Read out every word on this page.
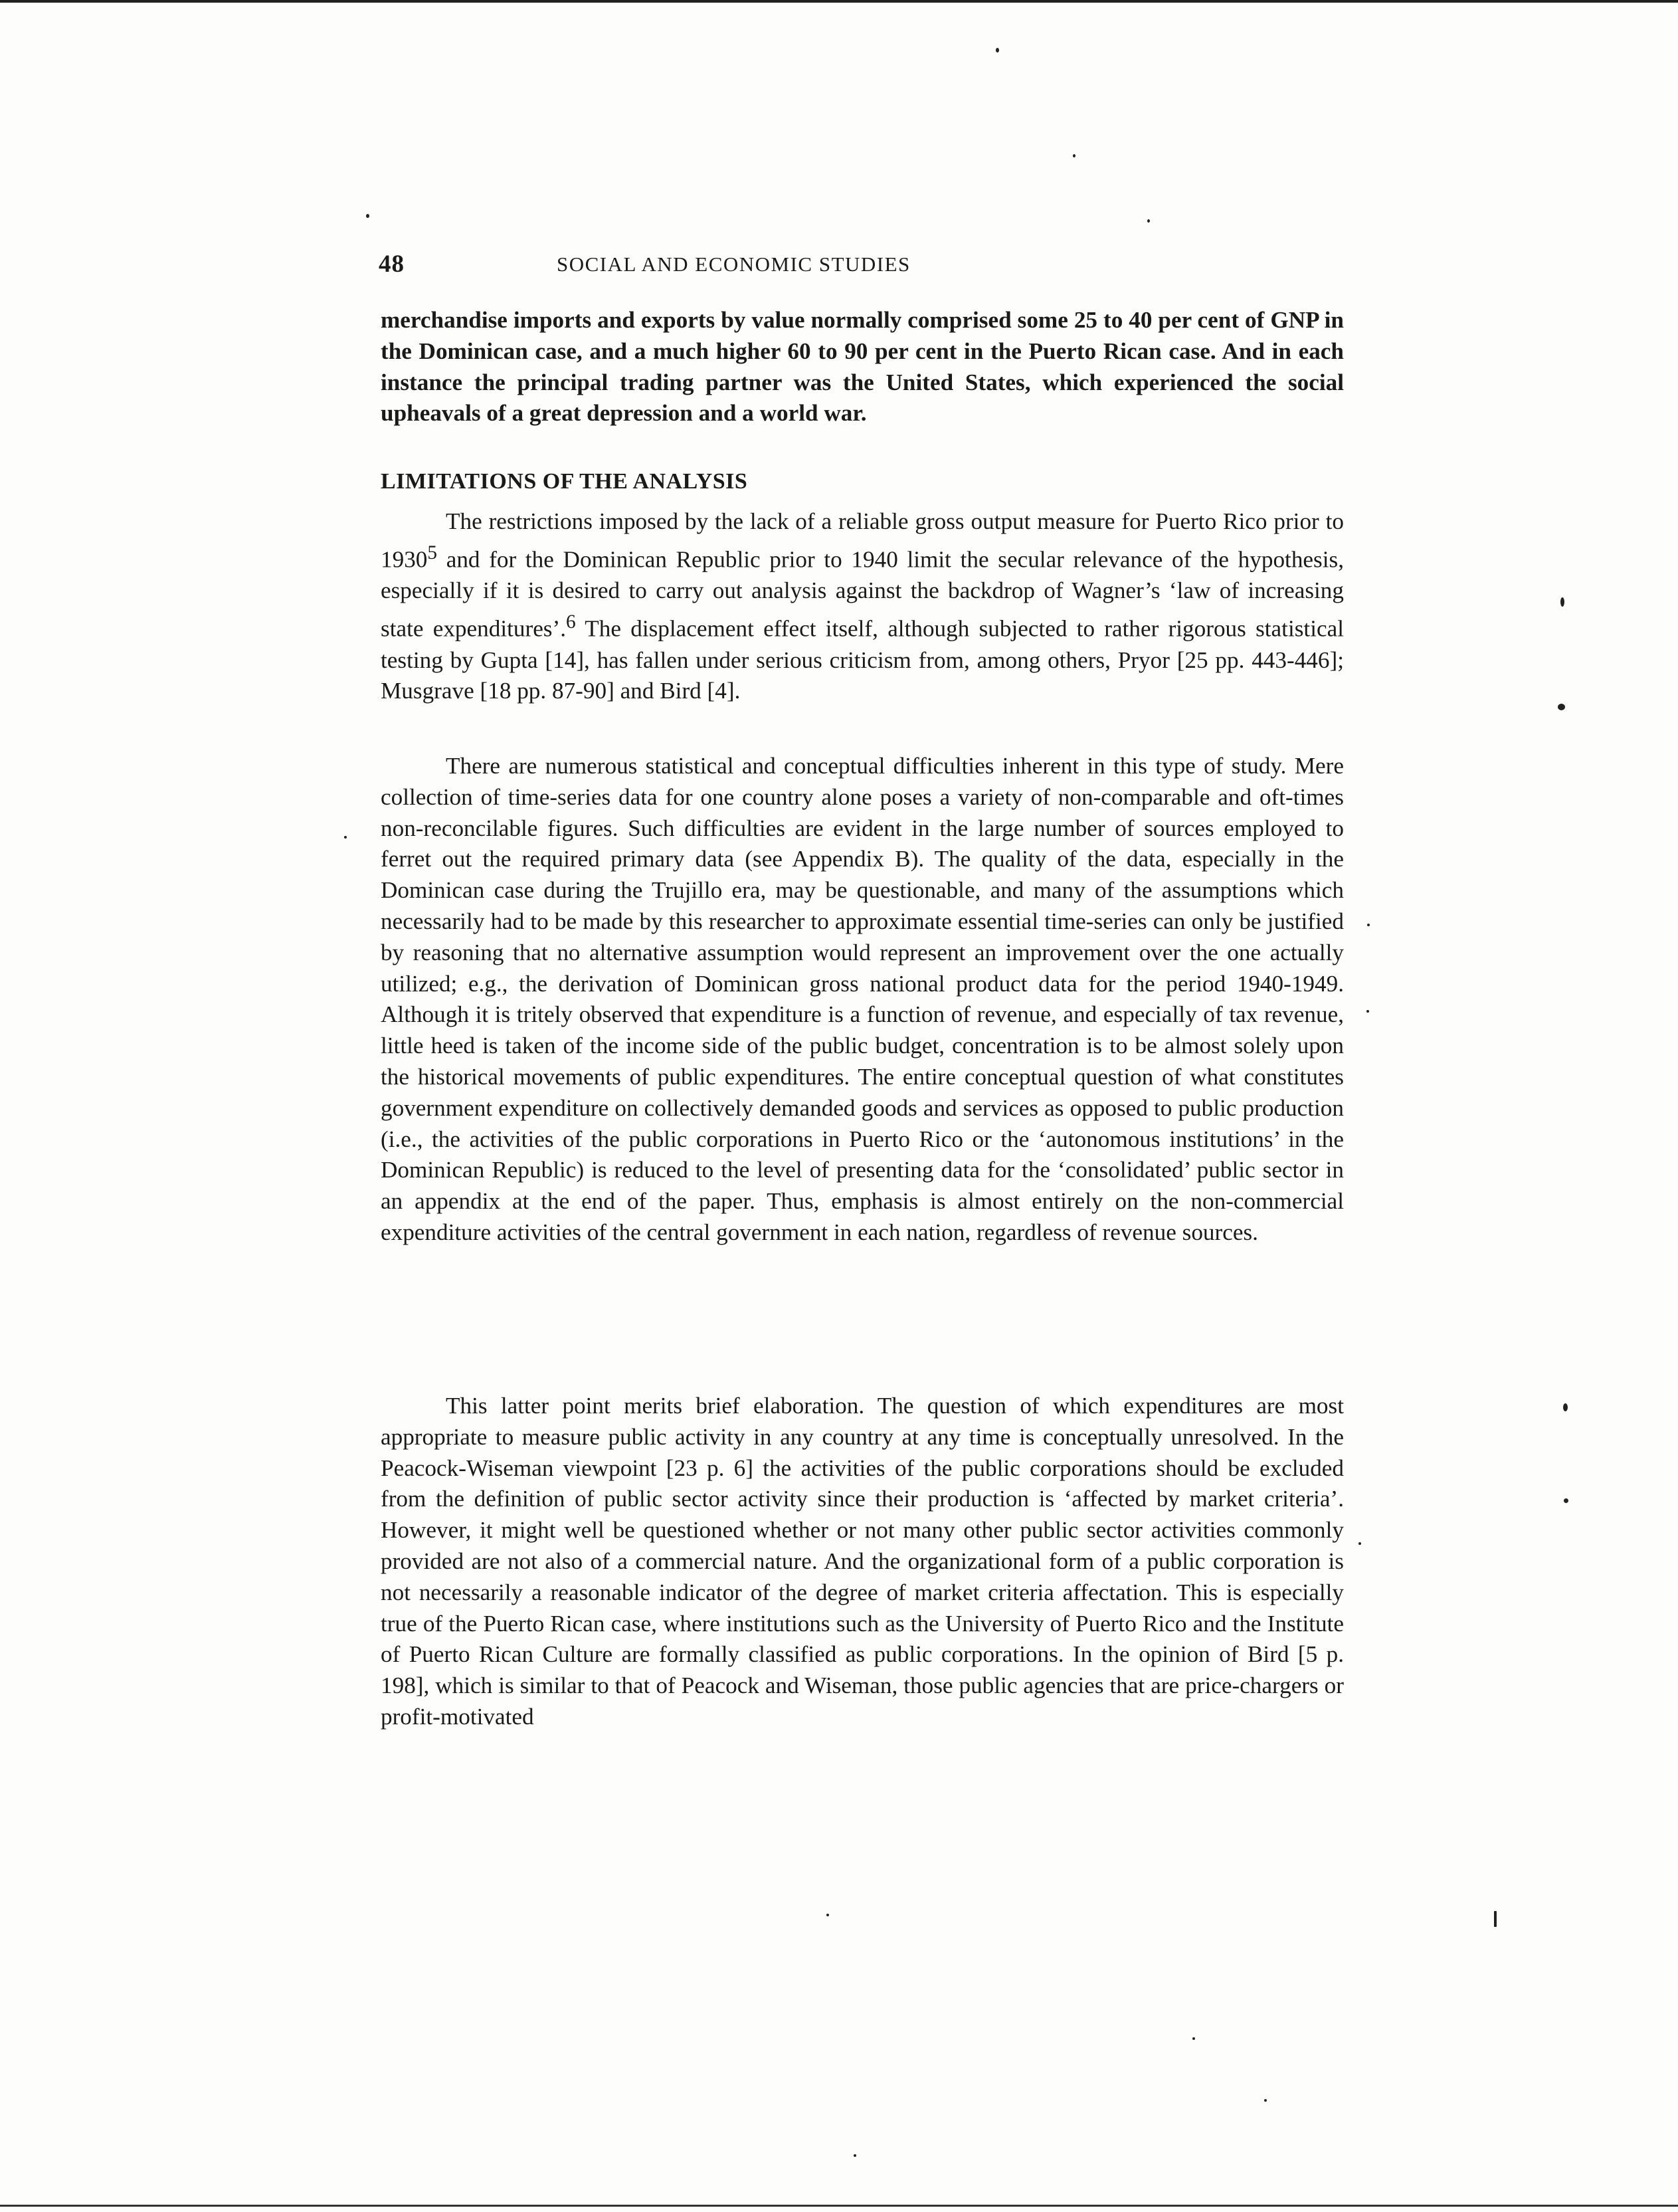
48	SOCIAL AND ECONOMIC STUDIES

merchandise imports and exports by value normally comprised some 25 to 40 per cent of GNP in the Dominican case, and a much higher 60 to 90 per cent in the Puerto Rican case. And in each instance the principal trading partner was the United States, which experienced the social upheavals of a great depression and a world war.

LIMITATIONS OF THE ANALYSIS

The restrictions imposed by the lack of a reliable gross output measure for Puerto Rico prior to 1930$^5$ and for the Dominican Republic prior to 1940 limit the secular relevance of the hypothesis, especially if it is desired to carry out analysis against the backdrop of Wagner’s ‘law of increasing state expenditures’.$^6$ The displacement effect itself, although subjected to rather rigorous statistical testing by Gupta [14], has fallen under serious criticism from, among others, Pryor [25 pp. 443-446]; Musgrave [18 pp. 87-90] and Bird [4].

There are numerous statistical and conceptual difficulties inherent in this type of study. Mere collection of time-series data for one country alone poses a variety of non-comparable and oft-times non-reconcilable figures. Such difficulties are evident in the large number of sources employed to ferret out the required primary data (see Appendix B). The quality of the data, especially in the Dominican case during the Trujillo era, may be questionable, and many of the assumptions which necessarily had to be made by this researcher to approximate essential time-series can only be justified by reasoning that no alternative assumption would represent an improvement over the one actually utilized; e.g., the derivation of Dominican gross national product data for the period 1940-1949. Although it is tritely observed that expenditure is a function of revenue, and especially of tax revenue, little heed is taken of the income side of the public budget, concentration is to be almost solely upon the historical movements of public expenditures. The entire conceptual question of what constitutes government expenditure on collectively demanded goods and services as opposed to public production (i.e., the activities of the public corporations in Puerto Rico or the ‘autonomous institutions’ in the Dominican Republic) is reduced to the level of presenting data for the ‘consolidated’ public sector in an appendix at the end of the paper. Thus, emphasis is almost entirely on the non-commercial expenditure activities of the central government in each nation, regardless of revenue sources.

This latter point merits brief elaboration. The question of which expenditures are most appropriate to measure public activity in any country at any time is conceptually unresolved. In the Peacock-Wiseman viewpoint [23 p. 6] the activities of the public corporations should be excluded from the definition of public sector activity since their production is ‘affected by market criteria’. However, it might well be questioned whether or not many other public sector activities commonly provided are not also of a commercial nature. And the organizational form of a public corporation is not necessarily a reasonable indicator of the degree of market criteria affectation. This is especially true of the Puerto Rican case, where institutions such as the University of Puerto Rico and the Institute of Puerto Rican Culture are formally classified as public corporations. In the opinion of Bird [5 p. 198], which is similar to that of Peacock and Wiseman, those public agencies that are price-chargers or profit-motivated
